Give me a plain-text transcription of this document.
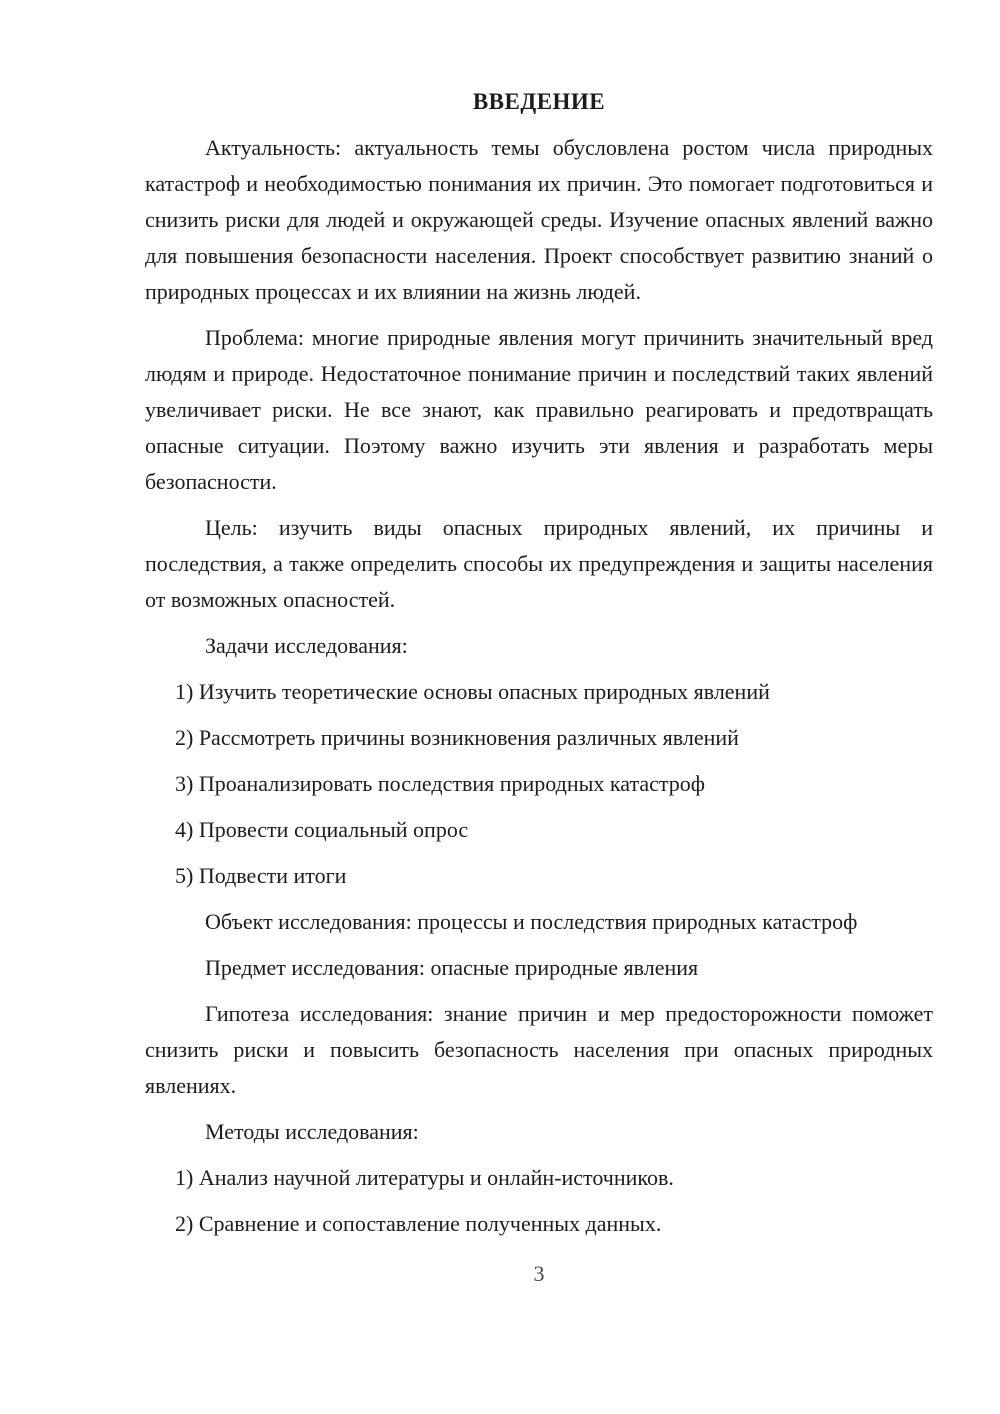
ВВЕДЕНИЕ

Актуальность: актуальность темы обусловлена ростом числа природных катастроф и необходимостью понимания их причин. Это помогает подготовиться и снизить риски для людей и окружающей среды. Изучение опасных явлений важно для повышения безопасности населения. Проект способствует развитию знаний о природных процессах и их влиянии на жизнь людей.

Проблема: многие природные явления могут причинить значительный вред людям и природе. Недостаточное понимание причин и последствий таких явлений увеличивает риски. Не все знают, как правильно реагировать и предотвращать опасные ситуации. Поэтому важно изучить эти явления и разработать меры безопасности.

Цель: изучить виды опасных природных явлений, их причины и последствия, а также определить способы их предупреждения и защиты населения от возможных опасностей.

Задачи исследования:

1) Изучить теоретические основы опасных природных явлений

2) Рассмотреть причины возникновения различных явлений

3) Проанализировать последствия природных катастроф

4) Провести социальный опрос

5) Подвести итоги

Объект исследования: процессы и последствия природных катастроф

Предмет исследования: опасные природные явления

Гипотеза исследования: знание причин и мер предосторожности поможет снизить риски и повысить безопасность населения при опасных природных явлениях.

Методы исследования:

1) Анализ научной литературы и онлайн-источников.

2) Сравнение и сопоставление полученных данных.

3
